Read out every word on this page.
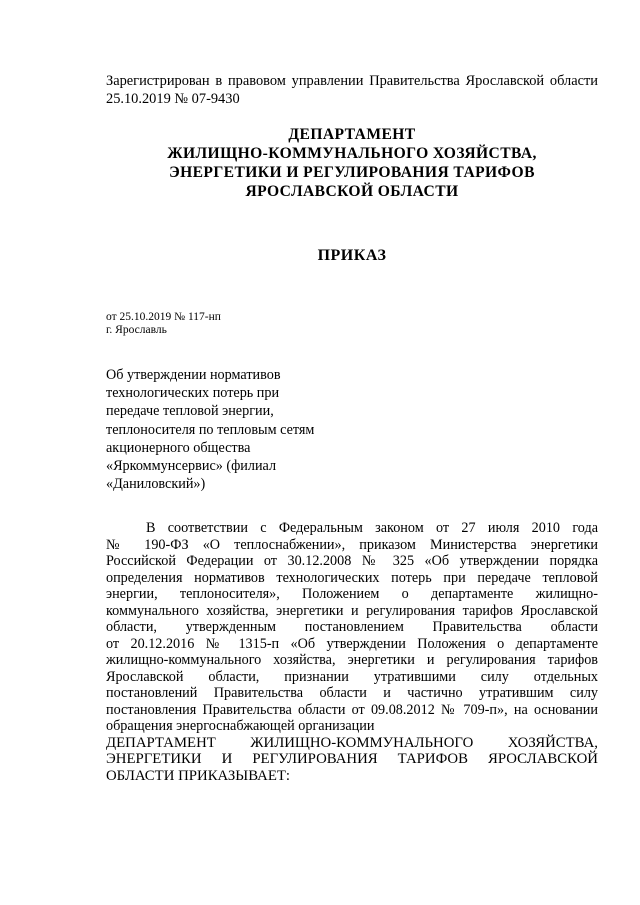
Зарегистрирован в правовом управлении Правительства Ярославской области 25.10.2019 № 07-9430
ДЕПАРТАМЕНТ
ЖИЛИЩНО-КОММУНАЛЬНОГО ХОЗЯЙСТВА,
ЭНЕРГЕТИКИ И РЕГУЛИРОВАНИЯ ТАРИФОВ
ЯРОСЛАВСКОЙ ОБЛАСТИ
ПРИКАЗ
от 25.10.2019 № 117-нп
г. Ярославль
Об утверждении нормативов
технологических потерь при
передаче тепловой энергии,
теплоносителя по тепловым сетям
акционерного общества
«Яркоммунсервис» (филиал
«Даниловский»)
В соответствии с Федеральным законом от 27 июля 2010 года
№ 190-ФЗ «О теплоснабжении», приказом Министерства энергетики
Российской Федерации от 30.12.2008 № 325 «Об утверждении порядка
определения нормативов технологических потерь при передаче тепловой
энергии, теплоносителя», Положением о департаменте жилищно-
коммунального хозяйства, энергетики и регулирования тарифов Ярославской
области, утвержденным постановлением Правительства области
от 20.12.2016 № 1315-п «Об утверждении Положения о департаменте
жилищно-коммунального хозяйства, энергетики и регулирования тарифов
Ярославской области, признании утратившими силу отдельных
постановлений Правительства области и частично утратившим силу
постановления Правительства области от 09.08.2012 № 709-п», на основании
обращения энергоснабжающей организации
ДЕПАРТАМЕНТ ЖИЛИЩНО-КОММУНАЛЬНОГО ХОЗЯЙСТВА,
ЭНЕРГЕТИКИ И РЕГУЛИРОВАНИЯ ТАРИФОВ ЯРОСЛАВСКОЙ
ОБЛАСТИ ПРИКАЗЫВАЕТ:
